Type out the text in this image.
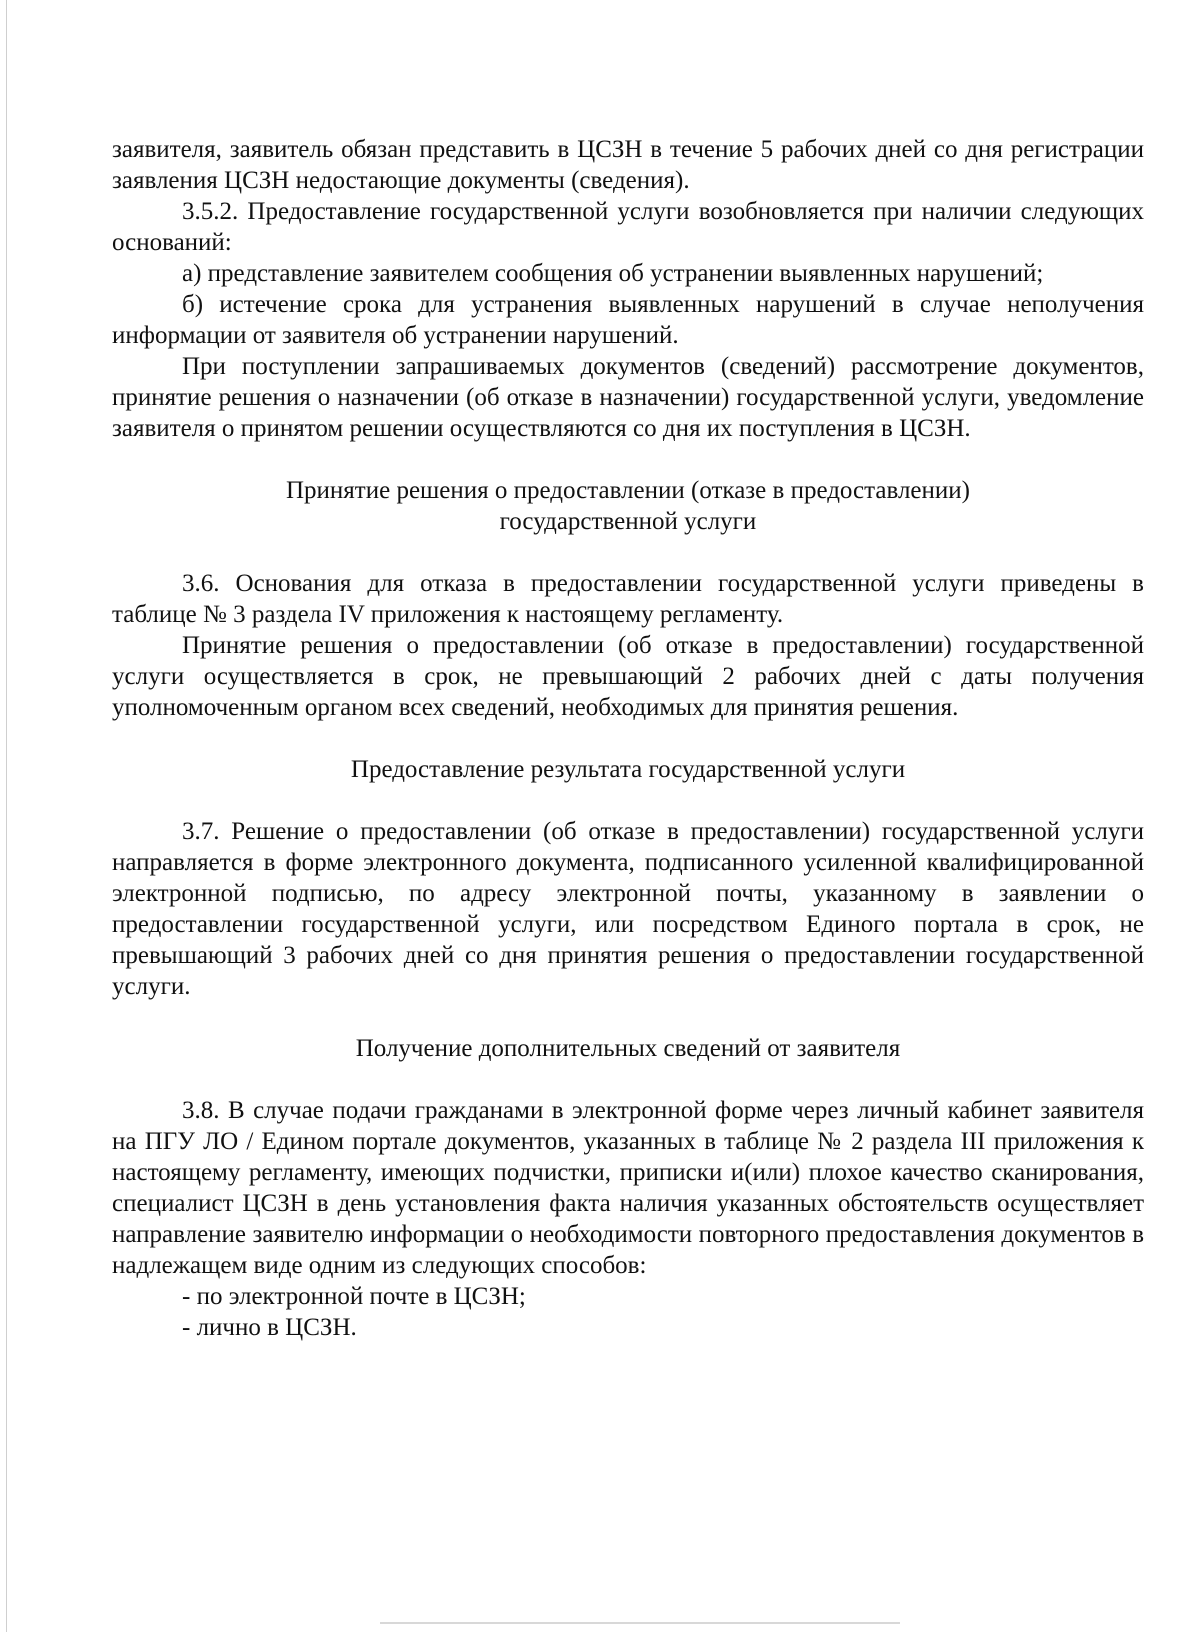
заявителя, заявитель обязан представить в ЦСЗН в течение 5 рабочих дней со дня регистрации заявления ЦСЗН недостающие документы (сведения).

3.5.2. Предоставление государственной услуги возобновляется при наличии следующих оснований:

а) представление заявителем сообщения об устранении выявленных нарушений;

б) истечение срока для устранения выявленных нарушений в случае неполучения информации от заявителя об устранении нарушений.

При поступлении запрашиваемых документов (сведений) рассмотрение документов, принятие решения о назначении (об отказе в назначении) государственной услуги, уведомление заявителя о принятом решении осуществляются со дня их поступления в ЦСЗН.

Принятие решения о предоставлении (отказе в предоставлении)

государственной услуги

3.6. Основания для отказа в предоставлении государственной услуги приведены в таблице № 3 раздела IV приложения к настоящему регламенту.

Принятие решения о предоставлении (об отказе в предоставлении) государственной услуги осуществляется в срок, не превышающий 2 рабочих дней с даты получения уполномоченным органом всех сведений, необходимых для принятия решения.

Предоставление результата государственной услуги

3.7. Решение о предоставлении (об отказе в предоставлении) государственной услуги направляется в форме электронного документа, подписанного усиленной квалифицированной электронной подписью, по адресу электронной почты, указанному в заявлении о предоставлении государственной услуги, или посредством Единого портала в срок, не превышающий 3 рабочих дней со дня принятия решения о предоставлении государственной услуги.

Получение дополнительных сведений от заявителя

3.8. В случае подачи гражданами в электронной форме через личный кабинет заявителя на ПГУ ЛО / Едином портале документов, указанных в таблице № 2 раздела III приложения к настоящему регламенту, имеющих подчистки, приписки и(или) плохое качество сканирования, специалист ЦСЗН в день установления факта наличия указанных обстоятельств осуществляет направление заявителю информации о необходимости повторного предоставления документов в надлежащем виде одним из следующих способов:

- по электронной почте в ЦСЗН;

- лично в ЦСЗН.
